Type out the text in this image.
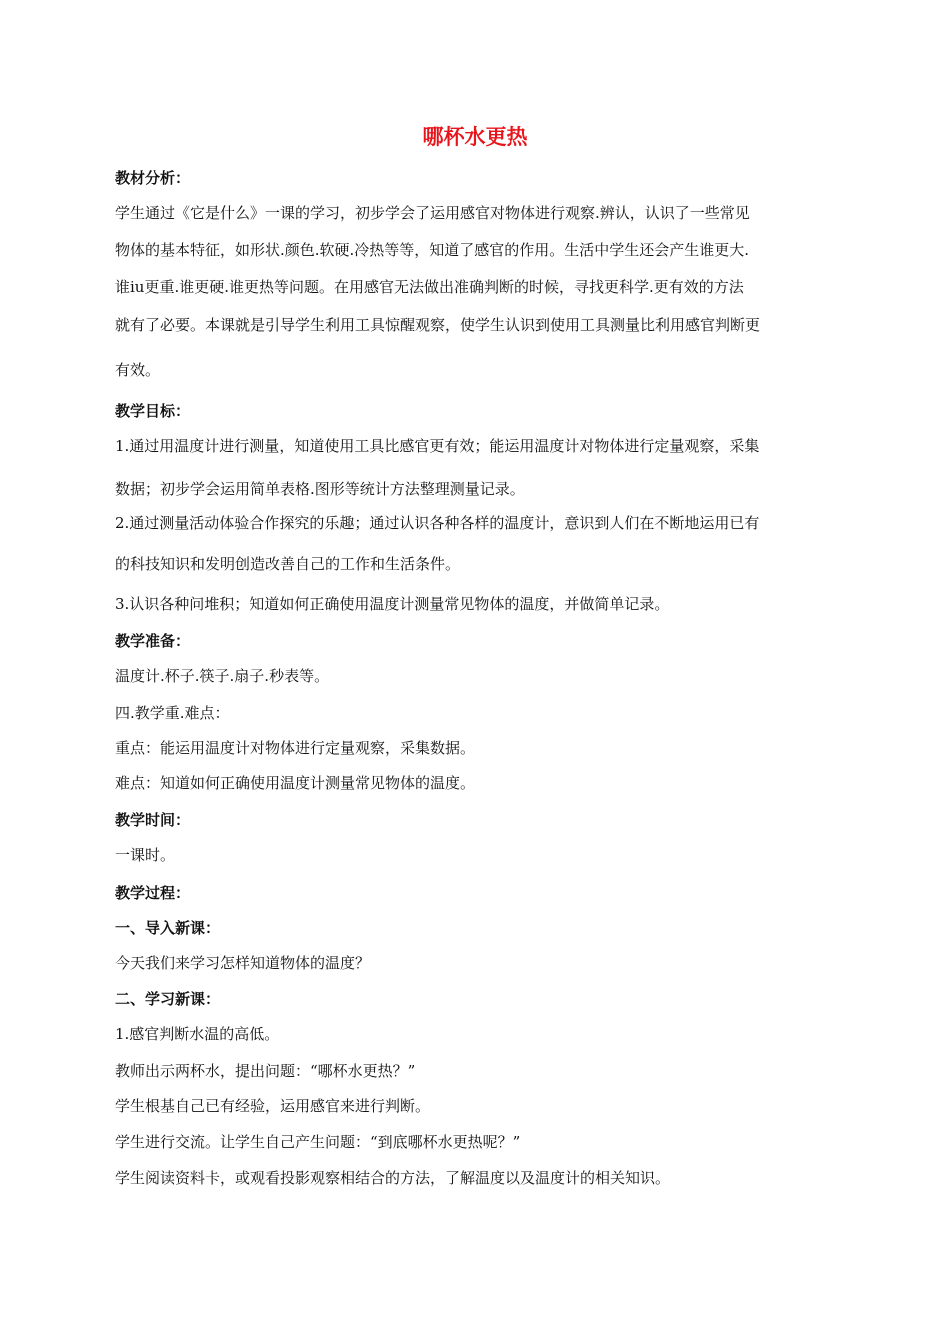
哪杯水更热
教材分析：
学生通过《它是什么》一课的学习，初步学会了运用感官对物体进行观察.辨认，认识了一些常见
物体的基本特征，如形状.颜色.软硬.冷热等等，知道了感官的作用。生活中学生还会产生谁更大.
谁iu更重.谁更硬.谁更热等问题。在用感官无法做出准确判断的时候，寻找更科学.更有效的方法
就有了必要。本课就是引导学生利用工具惊醒观察，使学生认识到使用工具测量比利用感官判断更
有效。
教学目标：
1.通过用温度计进行测量，知道使用工具比感官更有效；能运用温度计对物体进行定量观察，采集
数据；初步学会运用简单表格.图形等统计方法整理测量记录。
2.通过测量活动体验合作探究的乐趣；通过认识各种各样的温度计，意识到人们在不断地运用已有
的科技知识和发明创造改善自己的工作和生活条件。
3.认识各种问堆积；知道如何正确使用温度计测量常见物体的温度，并做简单记录。
教学准备：
温度计.杯子.筷子.扇子.秒表等。
四.教学重.难点：
重点：能运用温度计对物体进行定量观察，采集数据。
难点：知道如何正确使用温度计测量常见物体的温度。
教学时间：
一课时。
教学过程：
一、导入新课：
今天我们来学习怎样知道物体的温度？
二、学习新课：
1.感官判断水温的高低。
教师出示两杯水，提出问题：“哪杯水更热？”
学生根基自己已有经验，运用感官来进行判断。
学生进行交流。让学生自己产生问题：“到底哪杯水更热呢？”
学生阅读资料卡，或观看投影观察相结合的方法，了解温度以及温度计的相关知识。
